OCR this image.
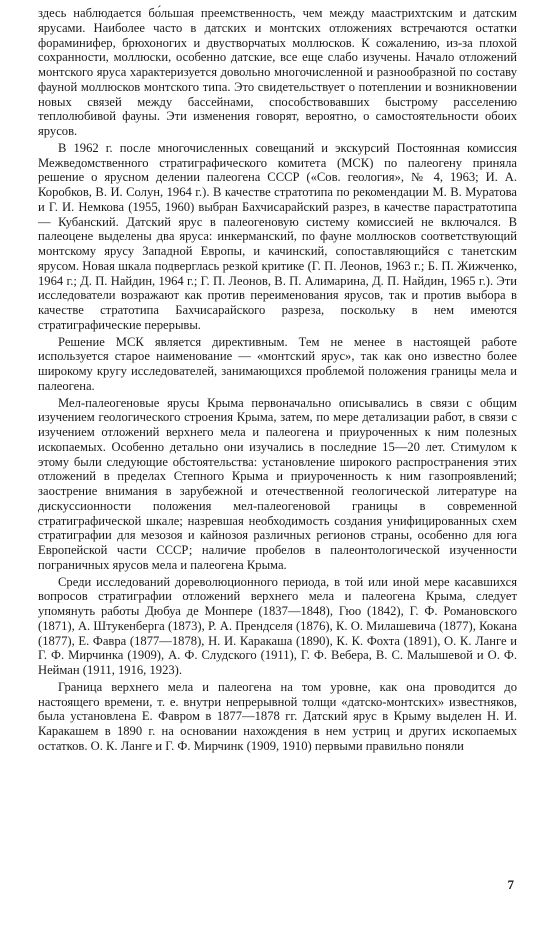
здесь наблюдается бо́льшая преемственность, чем между маастрихтским и датским ярусами. Наиболее часто в датских и монтских отложениях встречаются остатки фораминифер, брюхоногих и двустворчатых моллюсков. К сожалению, из-за плохой сохранности, моллюски, особенно датские, все еще слабо изучены. Начало отложений монтского яруса характеризуется довольно многочисленной и разнообразной по составу фауной моллюсков монтского типа. Это свидетельствует о потеплении и возникновении новых связей между бассейнами, способствовавших быстрому расселению теплолюбивой фауны. Эти изменения говорят, вероятно, о самостоятельности обоих ярусов.

В 1962 г. после многочисленных совещаний и экскурсий Постоянная комиссия Межведомственного стратиграфического комитета (МСК) по палеогену приняла решение о ярусном делении палеогена СССР («Сов. геология», № 4, 1963; И. А. Коробков, В. И. Солун, 1964 г.). В качестве стратотипа по рекомендации М. В. Муратова и Г. И. Немкова (1955, 1960) выбран Бахчисарайский разрез, в качестве парастратотипа — Кубанский. Датский ярус в палеогеновую систему комиссией не включался. В палеоцене выделены два яруса: инкерманский, по фауне моллюсков соответствующий монтскому ярусу Западной Европы, и качинский, сопоставляющийся с танетским ярусом. Новая шкала подверглась резкой критике (Г. П. Леонов, 1963 г.; Б. П. Жижченко, 1964 г.; Д. П. Найдин, 1964 г.; Г. П. Леонов, В. П. Алимарина, Д. П. Найдин, 1965 г.). Эти исследователи возражают как против переименования ярусов, так и против выбора в качестве стратотипа Бахчисарайского разреза, поскольку в нем имеются стратиграфические перерывы.

Решение МСК является директивным. Тем не менее в настоящей работе используется старое наименование — «монтский ярус», так как оно известно более широкому кругу исследователей, занимающихся проблемой положения границы мела и палеогена.

Мел-палеогеновые ярусы Крыма первоначально описывались в связи с общим изучением геологического строения Крыма, затем, по мере детализации работ, в связи с изучением отложений верхнего мела и палеогена и приуроченных к ним полезных ископаемых. Особенно детально они изучались в последние 15—20 лет. Стимулом к этому были следующие обстоятельства: установление широкого распространения этих отложений в пределах Степного Крыма и приуроченность к ним газопроявлений; заострение внимания в зарубежной и отечественной геологической литературе на дискуссионности положения мел-палеогеновой границы в современной стратиграфической шкале; назревшая необходимость создания унифицированных схем стратиграфии для мезозоя и кайнозоя различных регионов страны, особенно для юга Европейской части СССР; наличие пробелов в палеонтологической изученности пограничных ярусов мела и палеогена Крыма.

Среди исследований дореволюционного периода, в той или иной мере касавшихся вопросов стратиграфии отложений верхнего мела и палеогена Крыма, следует упомянуть работы Дюбуа де Монпере (1837—1848), Гюо (1842), Г. Ф. Романовского (1871), А. Штукенберга (1873), Р. А. Прендселя (1876), К. О. Милашевича (1877), Кокана (1877), Е. Фавра (1877—1878), Н. И. Каракаша (1890), К. К. Фохта (1891), О. К. Ланге и Г. Ф. Мирчинка (1909), А. Ф. Слудского (1911), Г. Ф. Вебера, В. С. Малышевой и О. Ф. Нейман (1911, 1916, 1923).

Граница верхнего мела и палеогена на том уровне, как она проводится до настоящего времени, т. е. внутри непрерывной толщи «датско-монтских» известняков, была установлена Е. Фавром в 1877—1878 гг. Датский ярус в Крыму выделен Н. И. Каракашем в 1890 г. на основании нахождения в нем устриц и других ископаемых остатков. О. К. Ланге и Г. Ф. Мирчинк (1909, 1910) первыми правильно поняли

7
